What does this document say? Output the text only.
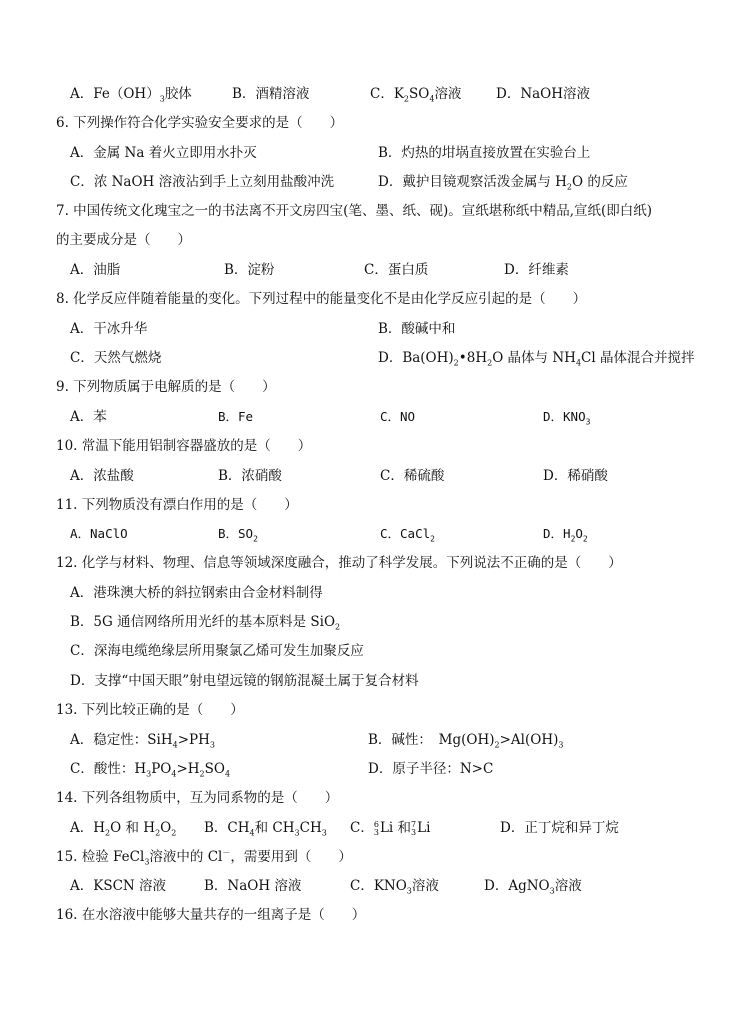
A．$Fe(OH)_3$胶体	B．酒精溶液	C．$K_2SO_4$溶液	D．NaOH溶液
6. 下列操作符合化学实验安全要求的是（　　）
A．金属 Na 着火立即用水扑灭	B．灼热的坩埚直接放置在实验台上
C．浓 NaOH 溶液沾到手上立刻用盐酸冲洗	D．戴护目镜观察活泼金属与 $H_2O$ 的反应
7. 中国传统文化瑰宝之一的书法离不开文房四宝(笔、墨、纸、砚)。宣纸堪称纸中精品,宣纸(即白纸)
的主要成分是（　　）
A．油脂	B．淀粉	C．蛋白质	D．纤维素
8. 化学反应伴随着能量的变化。下列过程中的能量变化不是由化学反应引起的是（　　）
A．干冰升华	B．酸碱中和
C．天然气燃烧	D．$Ba(OH)_2•8H_2O$ 晶体与 $NH_4Cl$ 晶体混合并搅拌
9. 下列物质属于电解质的是（　　）
A．苯	B．Fe	C．NO	D．$KNO_3$
10. 常温下能用铝制容器盛放的是（　　）
A．浓盐酸	B．浓硝酸	C．稀硫酸	D．稀硝酸
11. 下列物质没有漂白作用的是（　　）
A．NaClO	B．$SO_2$	C．CaCl$_2$	D．$H_2O_2$
12. 化学与材料、物理、信息等领域深度融合，推动了科学发展。下列说法不正确的是（　　）
A．港珠澳大桥的斜拉钢索由合金材料制得
B．5G 通信网络所用光纤的基本原料是 SiO$_2$
C．深海电缆绝缘层所用聚氯乙烯可发生加聚反应
D．支撑“中国天眼”射电望远镜的钢筋混凝土属于复合材料
13. 下列比较正确的是（　　）
A．稳定性：$SiH_4>PH_3$	B．碱性：　$Mg(OH)_2>Al(OH)_3$
C．酸性：$H_3PO_4>H_2SO_4$	D．原子半径：N>C
14. 下列各组物质中，互为同系物的是（　　）
A．$H_2O$ 和 $H_2O_2$ B．$CH_4$和 $CH_3CH_3$ C． 6
3 Li 和 7
3 Li	D．正丁烷和异丁烷
15. 检验 FeCl$_3$溶液中的 Cl－，需要用到（　　）
A．KSCN 溶液	B．NaOH 溶液	C．$KNO_3$溶液	D．AgNO$_3$溶液
16. 在水溶液中能够大量共存的一组离子是（　　）
